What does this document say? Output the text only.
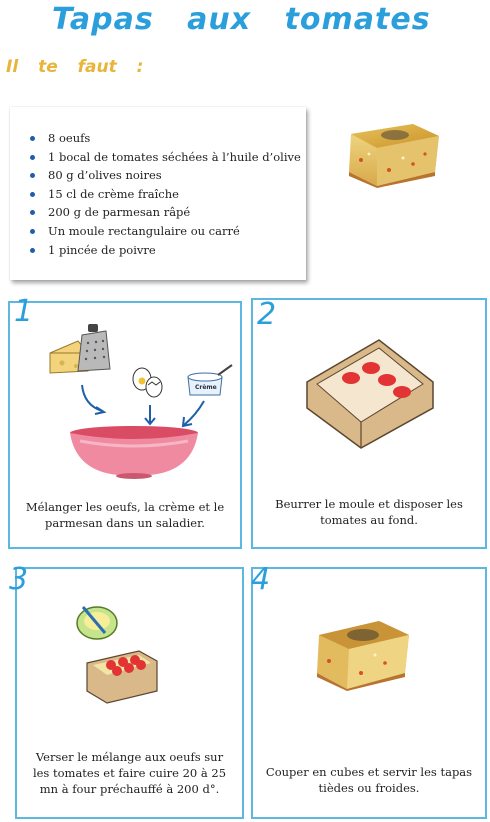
Tapas aux tomates
Il te faut :
8 oeufs
1 bocal de tomates séchées à l’huile d’olive
80 g d’olives noires
15 cl de crème fraîche
200 g de parmesan râpé
Un moule rectangulaire ou carré
1 pincée de poivre
1
Crème

Mélanger les oeufs, la crème et le parmesan dans un saladier.

2

Beurrer le moule et disposer les tomates au fond.

3

Verser le mélange aux oeufs sur les tomates et faire cuire 20 à 25 mn à four préchauffé à 200 d°.

4

Couper en cubes et servir les tapas tièdes ou froides.
